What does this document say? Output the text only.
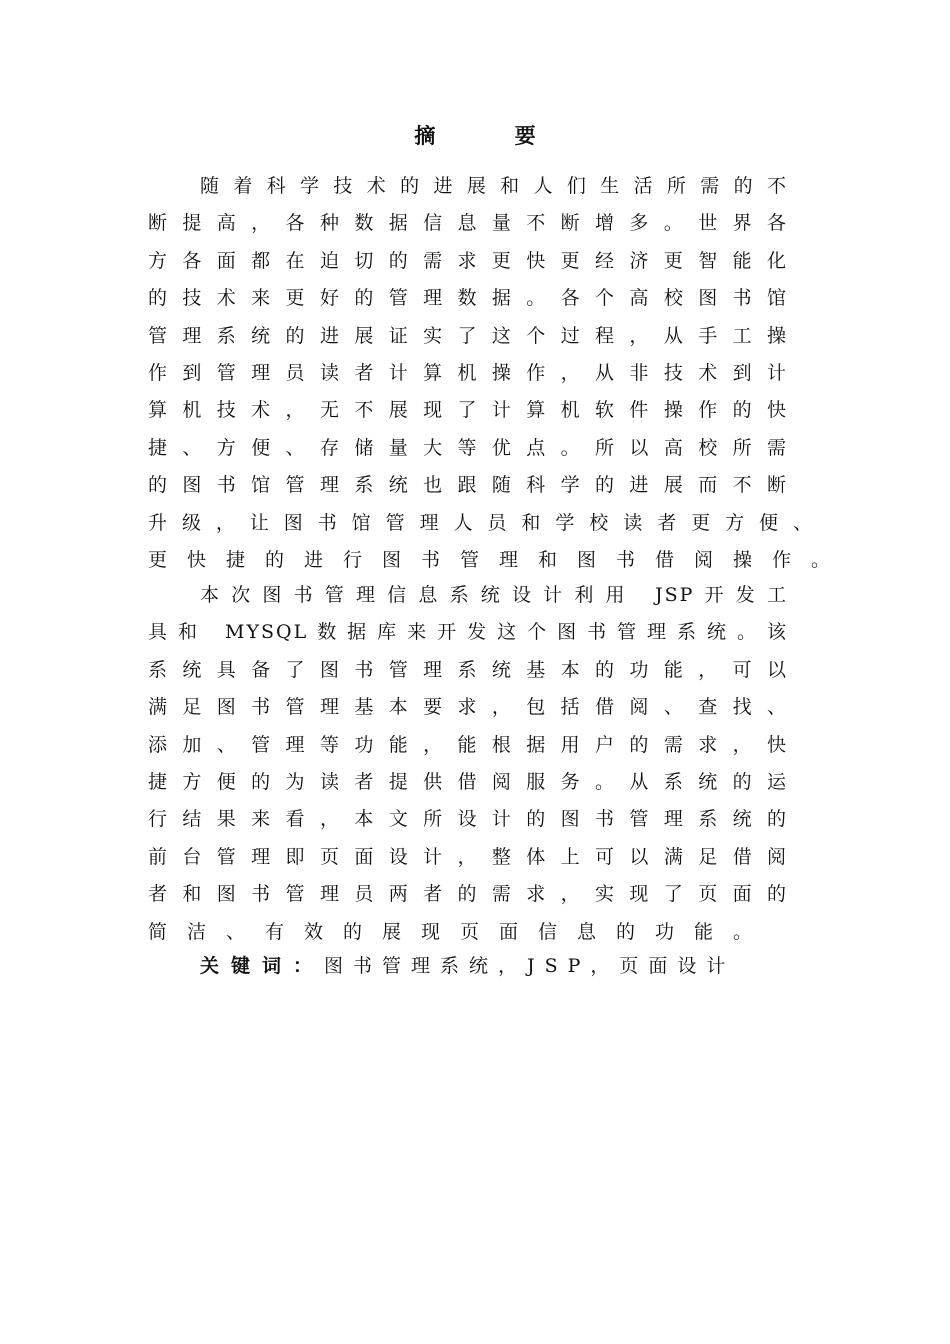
摘 要
随着科学技术的进展和人们生活所需的不
断提高，各种数据信息量不断增多。世界各
方各面都在迫切的需求更快更经济更智能化
的技术来更好的管理数据。各个高校图书馆
管理系统的进展证实了这个过程，从手工操
作到管理员读者计算机操作，从非技术到计
算机技术，无不展现了计算机软件操作的快
捷、方便、存储量大等优点。所以高校所需
的图书馆管理系统也跟随科学的进展而不断
升级，让图书馆管理人员和学校读者更方便、
更快捷的进行图书管理和图书借阅操作。
本次图书管理信息系统设计利用 JSP开发工
具和 MYSQL数据库来开发这个图书管理系统。该
系统具备了图书管理系统基本的功能，可以
满足图书管理基本要求，包括借阅、查找、
添加、管理等功能，能根据用户的需求，快
捷方便的为读者提供借阅服务。从系统的运
行结果来看，本文所设计的图书管理系统的
前台管理即页面设计，整体上可以满足借阅
者和图书管理员两者的需求，实现了页面的
简洁、有效的展现页面信息的功能。
关键词：图书管理系统，JSP，页面设计
